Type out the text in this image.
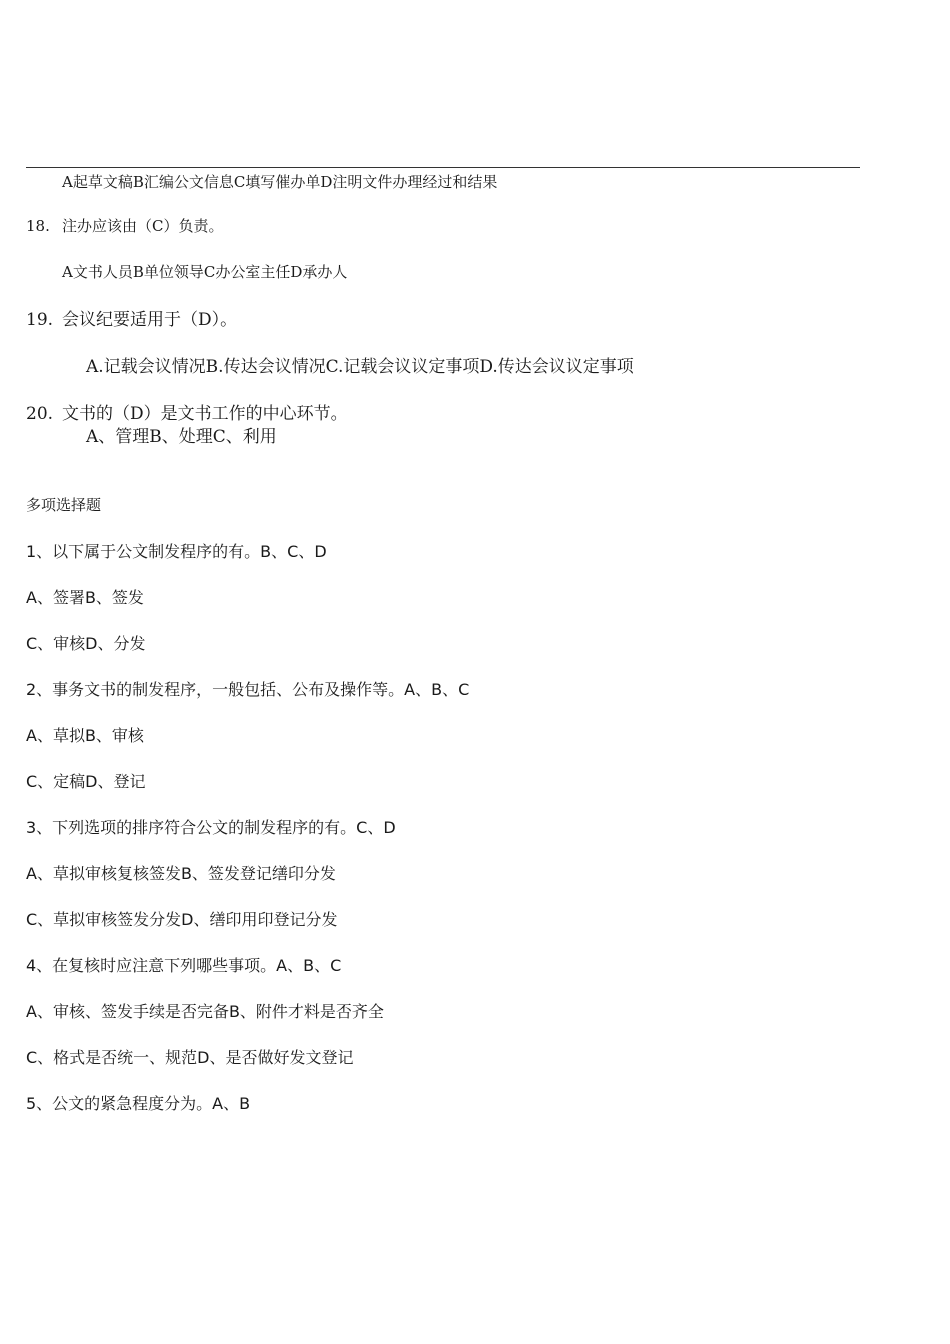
A起草文稿B汇编公文信息C填写催办单D注明文件办理经过和结果
18. 注办应该由（C）负责。
A文书人员B单位领导C办公室主任D承办人
19. 会议纪要适用于（D）。
A.记载会议情况B.传达会议情况C.记载会议议定事项D.传达会议议定事项
20. 文书的（D）是文书工作的中心环节。
A、管理B、处理C、利用
多项选择题
1、以下属于公文制发程序的有。B、C、D
A、签署B、签发
C、审核D、分发
2、事务文书的制发程序，一般包括、公布及操作等。A、B、C
A、草拟B、审核
C、定稿D、登记
3、下列选项的排序符合公文的制发程序的有。C、D
A、草拟审核复核签发B、签发登记缮印分发
C、草拟审核签发分发D、缮印用印登记分发
4、在复核时应注意下列哪些事项。A、B、C
A、审核、签发手续是否完备B、附件才料是否齐全
C、格式是否统一、规范D、是否做好发文登记
5、公文的紧急程度分为。A、B
